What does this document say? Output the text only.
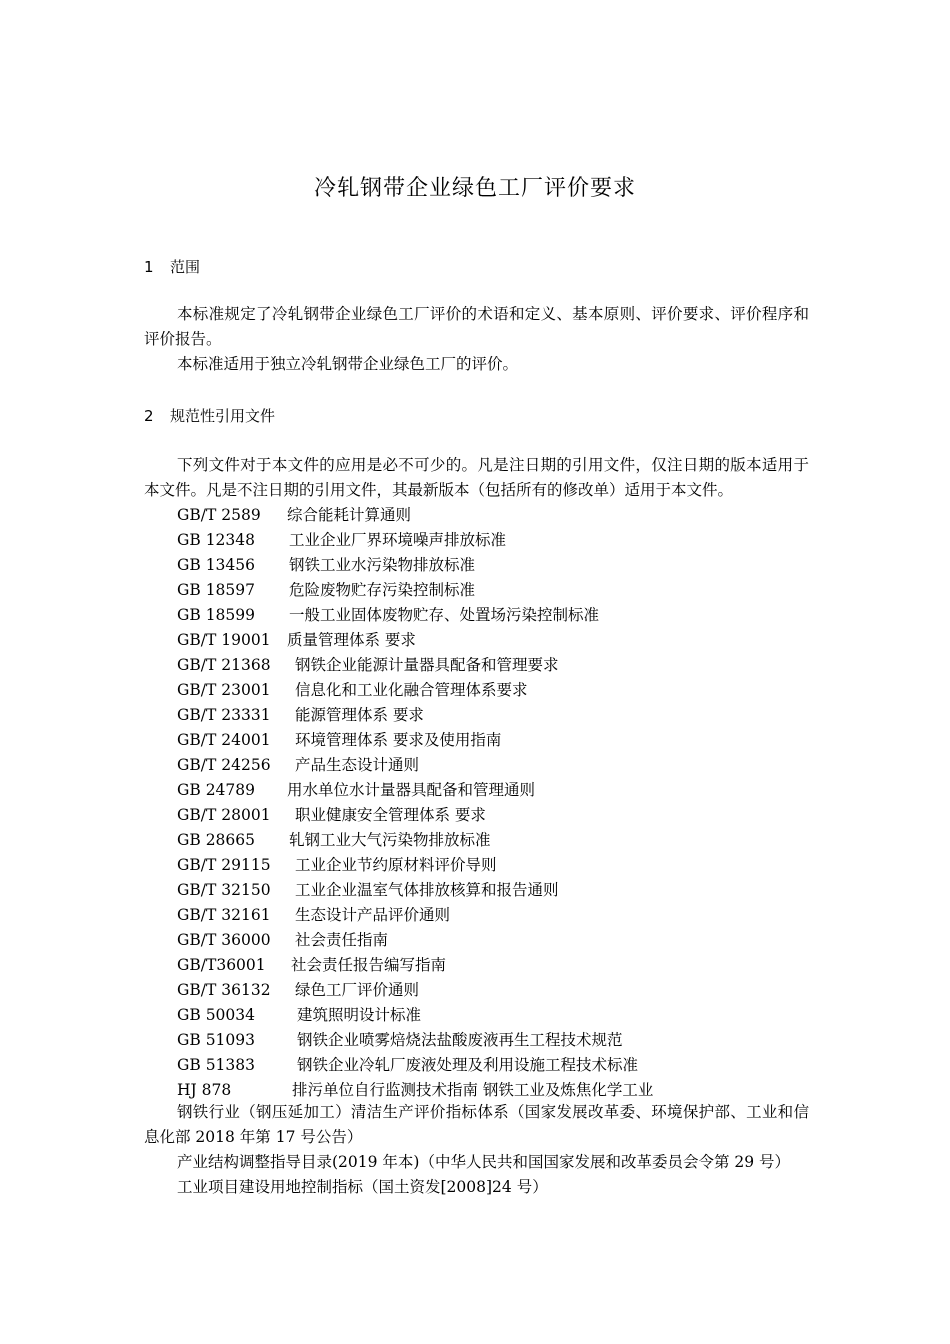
冷轧钢带企业绿色工厂评价要求
1 范围
本标准规定了冷轧钢带企业绿色工厂评价的术语和定义、基本原则、评价要求、评价程序和评价报告。
本标准适用于独立冷轧钢带企业绿色工厂的评价。
2 规范性引用文件
下列文件对于本文件的应用是必不可少的。凡是注日期的引用文件，仅注日期的版本适用于本文件。凡是不注日期的引用文件，其最新版本（包括所有的修改单）适用于本文件。
GB/T 2589 综合能耗计算通则
GB 12348 工业企业厂界环境噪声排放标准
GB 13456 钢铁工业水污染物排放标准
GB 18597 危险废物贮存污染控制标准
GB 18599 一般工业固体废物贮存、处置场污染控制标准
GB/T 19001 质量管理体系 要求
GB/T 21368 钢铁企业能源计量器具配备和管理要求
GB/T 23001 信息化和工业化融合管理体系要求
GB/T 23331 能源管理体系 要求
GB/T 24001 环境管理体系 要求及使用指南
GB/T 24256 产品生态设计通则
GB 24789 用水单位水计量器具配备和管理通则
GB/T 28001 职业健康安全管理体系 要求
GB 28665 轧钢工业大气污染物排放标准
GB/T 29115 工业企业节约原材料评价导则
GB/T 32150 工业企业温室气体排放核算和报告通则
GB/T 32161 生态设计产品评价通则
GB/T 36000 社会责任指南
GB/T36001 社会责任报告编写指南
GB/T 36132 绿色工厂评价通则
GB 50034	建筑照明设计标准
GB 51093	钢铁企业喷雾焙烧法盐酸废液再生工程技术规范
GB 51383	钢铁企业冷轧厂废液处理及利用设施工程技术标准
HJ 878	排污单位自行监测技术指南 钢铁工业及炼焦化学工业
钢铁行业（钢压延加工）清洁生产评价指标体系（国家发展改革委、环境保护部、工业和信息化部 2018 年第 17 号公告）
产业结构调整指导目录(2019 年本)（中华人民共和国国家发展和改革委员会令第 29 号）
工业项目建设用地控制指标（国土资发[2008]24 号）
